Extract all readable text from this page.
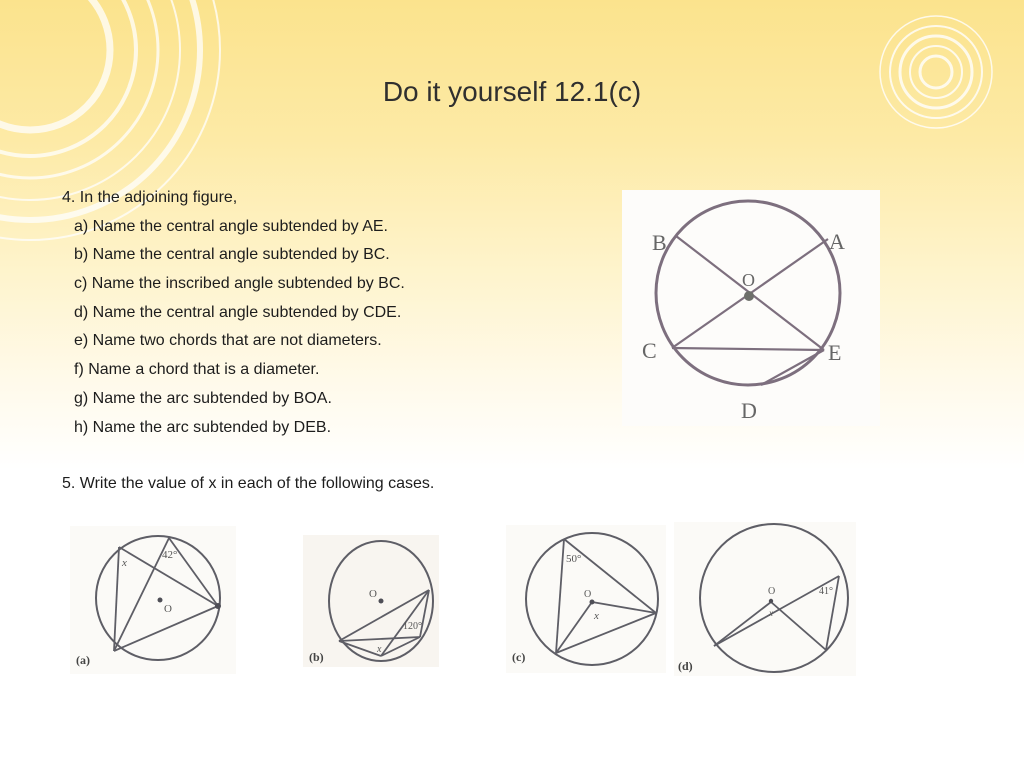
Do it yourself 12.1(c)
4. In the adjoining figure,
a) Name the central angle subtended by AE.
b) Name the central angle subtended by BC.
c) Name the inscribed angle subtended by BC.
d) Name the central angle subtended by CDE.
e) Name two chords that are not diameters.
f) Name a chord that is a diameter.
g) Name the arc subtended by BOA.
h) Name the arc subtended by DEB.
5. Write the value of x in each of the following cases.
B	A
O
C	E
D
x
42°
O
(a)
O
120°
x
(b)
50°
O
x
(c)
O
x
41°
(d)
